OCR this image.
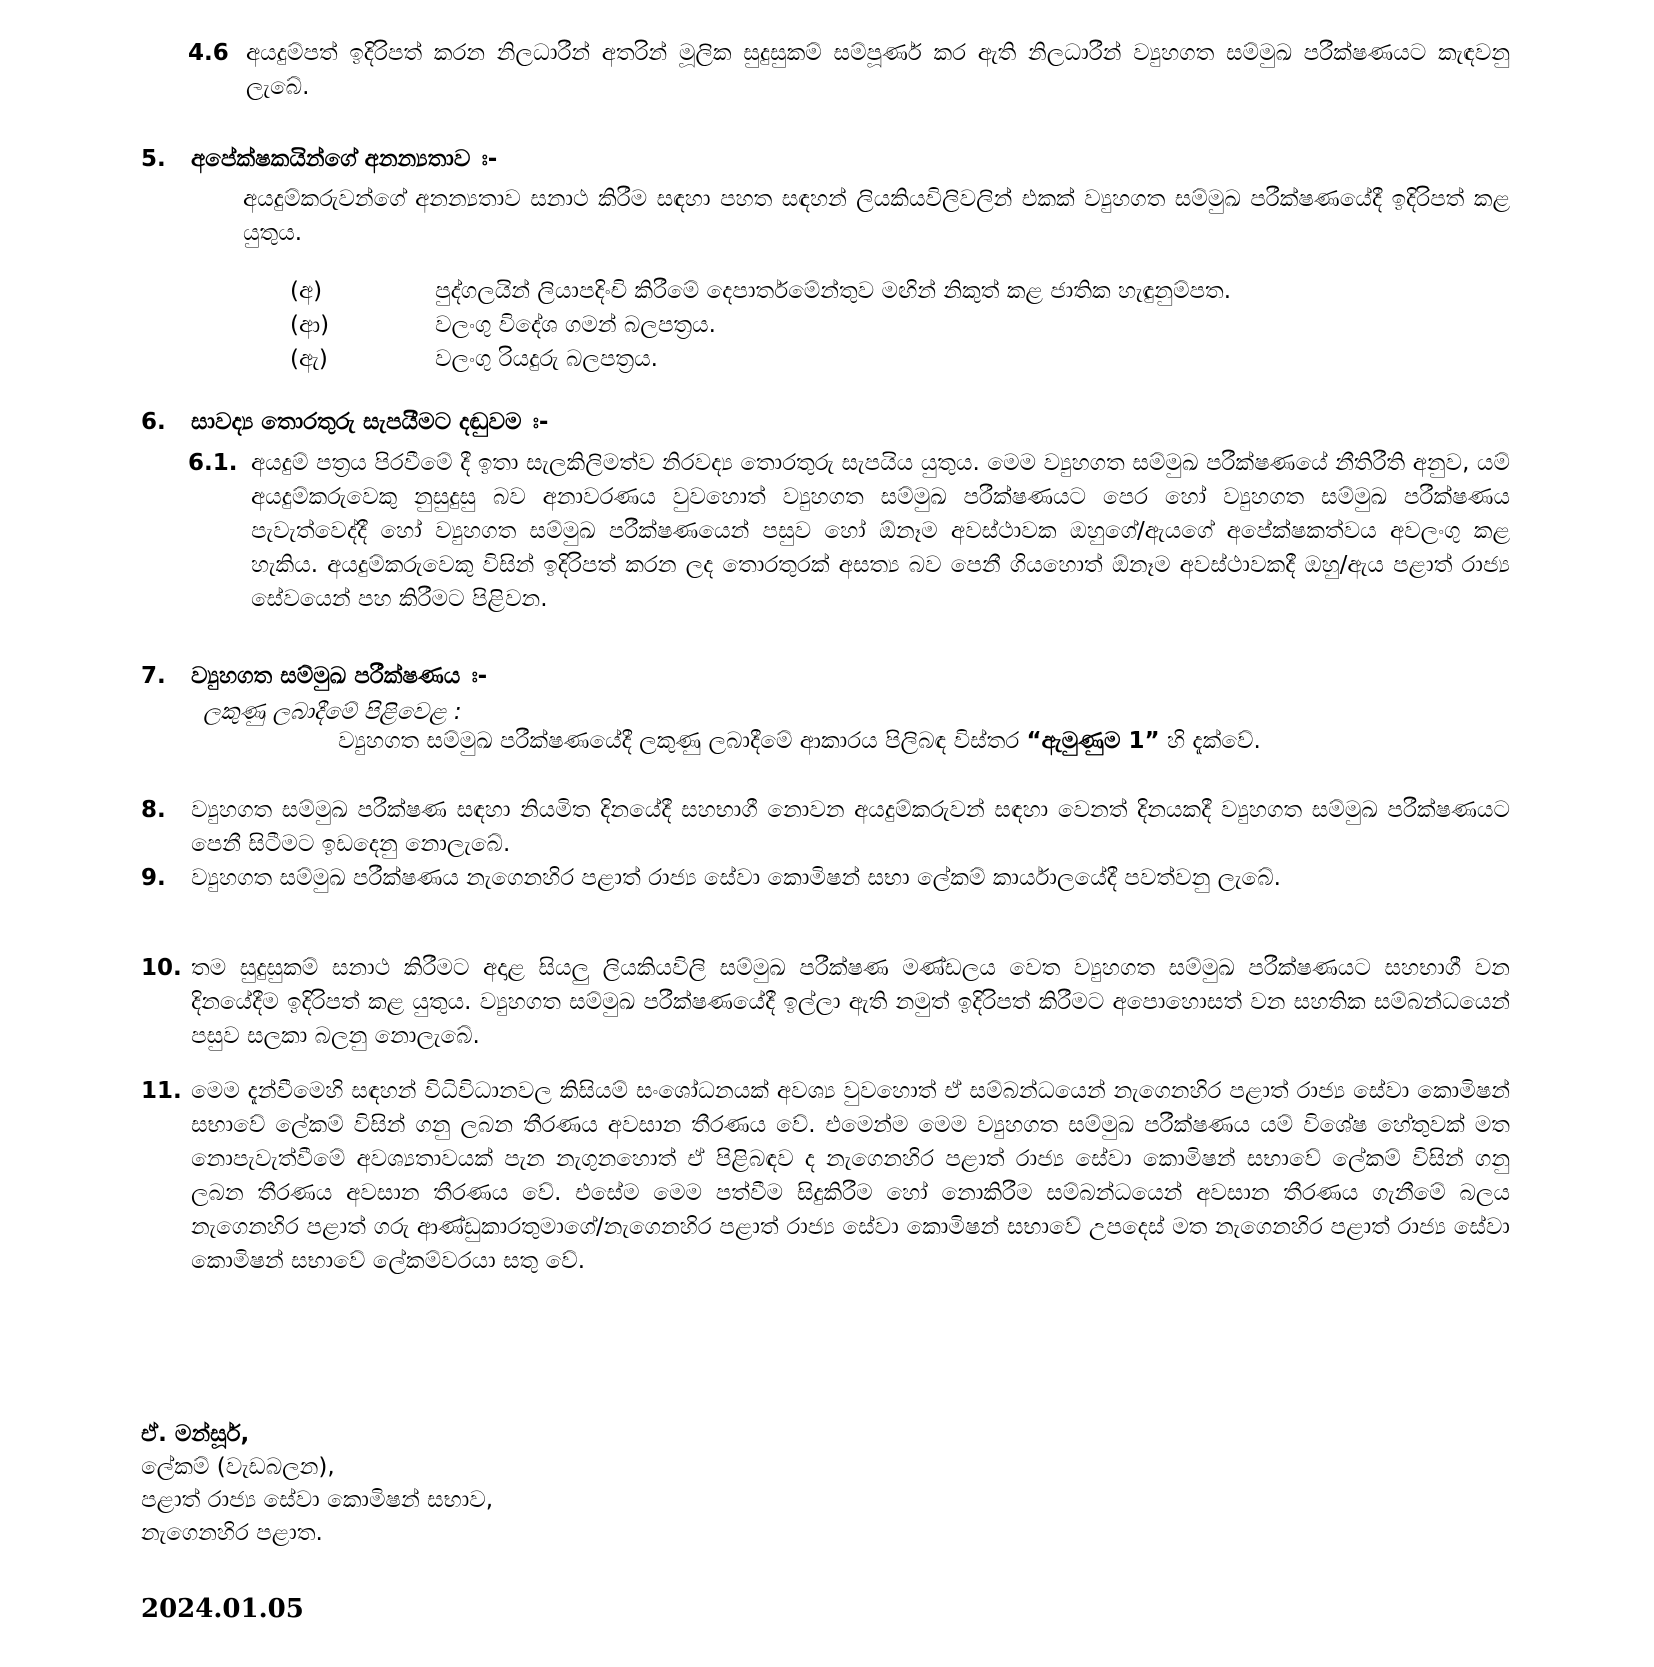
4.6 අයදුම්පත් ඉදිරිපත් කරන නිලධාරීන් අතරින් මූලික සුදුසුකම් සම්පූර්ණ කර ඇති නිලධාරීන් ව්‍යුහගත සම්මුඛ පරීක්ෂණයට කැඳවනු ලැබේ.
5. අපේක්ෂකයින්ගේ අනන්‍යතාව ඃ-
අයදුම්කරුවන්ගේ අනන්‍යතාව සනාථ කිරීම සඳහා පහත සඳහන් ලියකියවිලිවලින් එකක් ව්‍යුහගත සම්මුඛ පරීක්ෂණයේදී ඉදිරිපත් කළ යුතුය.
(අ)	පුද්ගලයින් ලියාපදිංචි කිරීමේ දෙපාර්තමේන්තුව මඟින් නිකුත් කළ ජාතික හැඳුනුම්පත.
(ආ)	වලංගු විදේශ ගමන් බලපත්‍රය.
(ඇ)	වලංගු රියදුරු බලපත්‍රය.
6. සාවද්‍ය තොරතුරු සැපයීමට දඬුවම ඃ-
6.1. අයදුම් පත්‍රය පිරවීමේ දී ඉතා සැලකිලිමත්ව නිරවද්‍ය තොරතුරු සැපයිය යුතුය. මෙම ව්‍යුහගත සම්මුඛ පරීක්ෂණයේ නීතිරීති අනුව, යම් අයදුම්කරුවෙකු නුසුදුසු බව අනාවරණය වුවහොත් ව්‍යුහගත සම්මුඛ පරීක්ෂණයට පෙර හෝ ව්‍යුහගත සම්මුඛ පරීක්ෂණය පැවැත්වෙද්දී හෝ ව්‍යුහගත සම්මුඛ පරීක්ෂණයෙන් පසුව හෝ ඕනෑම අවස්ථාවක ඔහුගේ/ඇයගේ අපේක්ෂකත්වය අවලංගු කළ හැකිය. අයදුම්කරුවෙකු විසින් ඉදිරිපත් කරන ලද තොරතුරක් අසත්‍ය බව පෙනී ගියහොත් ඕනෑම අවස්ථාවකදී ඔහු/ඇය පළාත් රාජ්‍ය සේවයෙන් පහ කිරීමට පිළිවන.
7. ව්‍යුහගත සම්මුඛ පරීක්ෂණය ඃ-
ලකුණු ලබාදීමේ පිළිවෙළ :
ව්‍යුහගත සම්මුඛ පරීක්ෂණයේදී ලකුණු ලබාදීමේ ආකාරය පිලිබඳ විස්තර “ඇමුණුම 1” හි දැක්වේ.
8. ව්‍යුහගත සම්මුඛ පරීක්ෂණ සඳහා නියමිත දිනයේදී සහභාගී නොවන අයදුම්කරුවන් සඳහා වෙනත් දිනයකදී ව්‍යුහගත සම්මුඛ පරීක්ෂණයට පෙනී සිටීමට ඉඩදෙනු නොලැබේ.
9. ව්‍යුහගත සම්මුඛ පරීක්ෂණය නැගෙනහිර පළාත් රාජ්‍ය සේවා කොමිෂන් සභා ලේකම් කාර්යාලයේදී පවත්වනු ලැබේ.
10. තම සුදුසුකම් සනාථ කිරීමට අදාළ සියලු ලියකියවිලි සම්මුඛ පරීක්ෂණ මණ්ඩලය වෙත ව්‍යුහගත සම්මුඛ පරීක්ෂණයට සහභාගී වන දිනයේදීම ඉදිරිපත් කළ යුතුය. ව්‍යුහගත සම්මුඛ පරීක්ෂණයේදී ඉල්ලා ඇති නමුත් ඉදිරිපත් කිරීමට අපොහොසත් වන සහතික සම්බන්ධයෙන් පසුව සලකා බලනු නොලැබේ.
11. මෙම දැන්වීමෙහි සඳහන් විධිවිධානවල කිසියම් සංශෝධනයක් අවශ්‍ය වුවහොත් ඒ සම්බන්ධයෙන් නැගෙනහිර පළාත් රාජ්‍ය සේවා කොමිෂන් සභාවේ ලේකම් විසින් ගනු ලබන තීරණය අවසාන තීරණය වේ. එමෙන්ම මෙම ව්‍යුහගත සම්මුඛ පරීක්ෂණය යම් විශේෂ හේතුවක් මත නොපැවැත්වීමේ අවශ්‍යතාවයක් පැන නැගුනහොත් ඒ පිළිබඳව ද නැගෙනහිර පළාත් රාජ්‍ය සේවා කොමිෂන් සභාවේ ලේකම් විසින් ගනු ලබන තීරණය අවසාන තීරණය වේ. එසේම මෙම පත්වීම සිදුකිරීම හෝ නොකිරීම සම්බන්ධයෙන් අවසාන තීරණය ගැනීමේ බලය නැගෙනහිර පළාත් ගරු ආණ්ඩුකාරතුමාගේ/නැගෙනහිර පළාත් රාජ්‍ය සේවා කොමිෂන් සභාවේ උපදෙස් මත නැගෙනහිර පළාත් රාජ්‍ය සේවා කොමිෂන් සභාවේ ලේකම්වරයා සතු වේ.
ඒ. මන්සූර්,
ලේකම් (වැඩබලන),
පළාත් රාජ්‍ය සේවා කොමිෂන් සභාව,
නැගෙනහිර පළාත.
2024.01.05
